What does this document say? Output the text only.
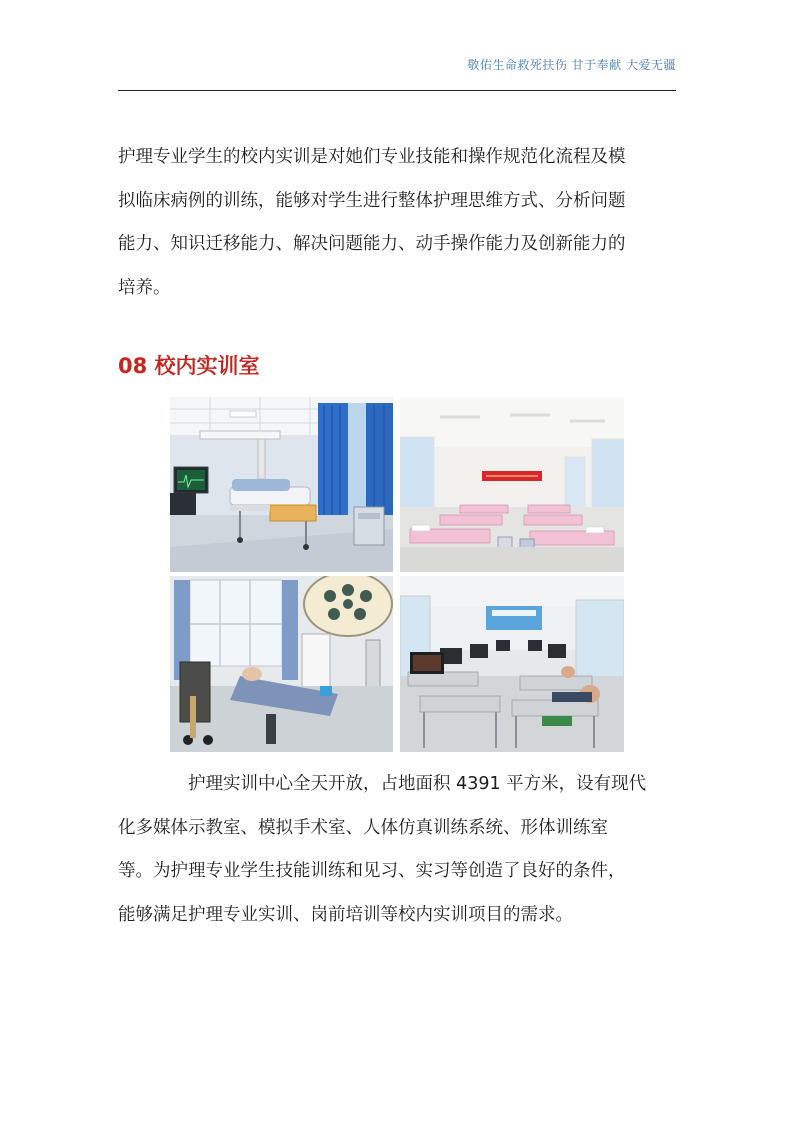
敬佑生命救死扶伤 甘于奉献 大爱无疆

护理专业学生的校内实训是对她们专业技能和操作规范化流程及模
拟临床病例的训练，能够对学生进行整体护理思维方式、分析问题
能力、知识迁移能力、解决问题能力、动手操作能力及创新能力的
培养。

08 校内实训室

护理实训中心全天开放，占地面积 4391 平方米，设有现代
化多媒体示教室、模拟手术室、人体仿真训练系统、形体训练室
等。为护理专业学生技能训练和见习、实习等创造了良好的条件，
能够满足护理专业实训、岗前培训等校内实训项目的需求。
